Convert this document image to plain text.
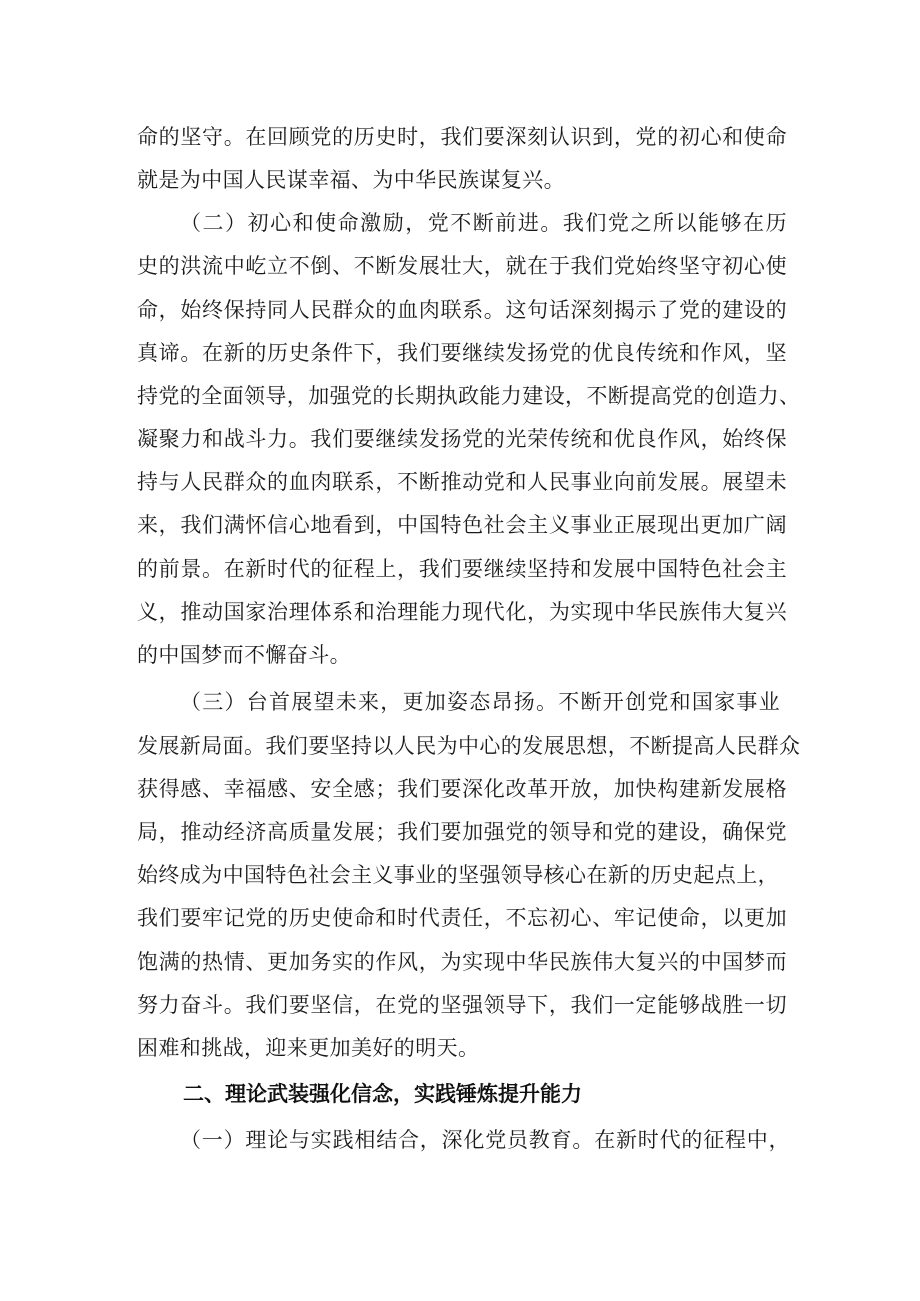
命的坚守。在回顾党的历史时，我们要深刻认识到，党的初心和使命
就是为中国人民谋幸福、为中华民族谋复兴。
（二）初心和使命激励，党不断前进。我们党之所以能够在历
史的洪流中屹立不倒、不断发展壮大，就在于我们党始终坚守初心使
命，始终保持同人民群众的血肉联系。这句话深刻揭示了党的建设的
真谛。在新的历史条件下，我们要继续发扬党的优良传统和作风，坚
持党的全面领导，加强党的长期执政能力建设，不断提高党的创造力、
凝聚力和战斗力。我们要继续发扬党的光荣传统和优良作风，始终保
持与人民群众的血肉联系，不断推动党和人民事业向前发展。展望未
来，我们满怀信心地看到，中国特色社会主义事业正展现出更加广阔
的前景。在新时代的征程上，我们要继续坚持和发展中国特色社会主
义，推动国家治理体系和治理能力现代化，为实现中华民族伟大复兴
的中国梦而不懈奋斗。
（三）台首展望未来，更加姿态昂扬。不断开创党和国家事业
发展新局面。我们要坚持以人民为中心的发展思想，不断提高人民群众
获得感、幸福感、安全感；我们要深化改革开放，加快构建新发展格
局，推动经济高质量发展；我们要加强党的领导和党的建设，确保党
始终成为中国特色社会主义事业的坚强领导核心在新的历史起点上，
我们要牢记党的历史使命和时代责任，不忘初心、牢记使命，以更加
饱满的热情、更加务实的作风，为实现中华民族伟大复兴的中国梦而
努力奋斗。我们要坚信，在党的坚强领导下，我们一定能够战胜一切
困难和挑战，迎来更加美好的明天。
二、理论武装强化信念，实践锤炼提升能力
（一）理论与实践相结合，深化党员教育。在新时代的征程中，
